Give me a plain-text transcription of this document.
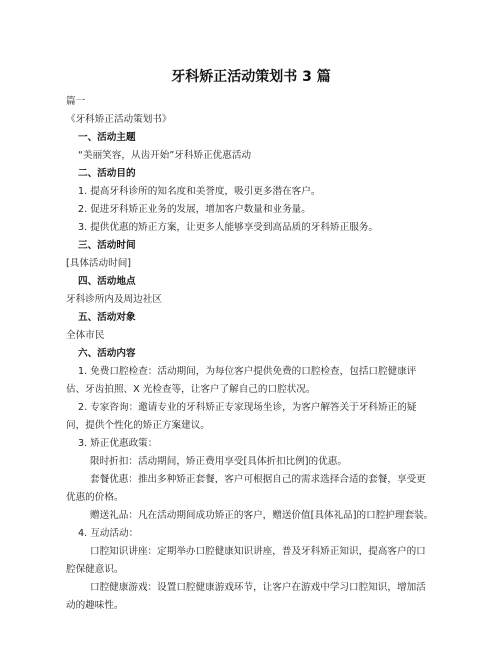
牙科矫正活动策划书 3 篇
篇一
《牙科矫正活动策划书》
一、活动主题
“美丽笑容，从齿开始”牙科矫正优惠活动
二、活动目的
1. 提高牙科诊所的知名度和美誉度，吸引更多潜在客户。
2. 促进牙科矫正业务的发展，增加客户数量和业务量。
3. 提供优惠的矫正方案，让更多人能够享受到高品质的牙科矫正服务。
三、活动时间
[具体活动时间]
四、活动地点
牙科诊所内及周边社区
五、活动对象
全体市民
六、活动内容
1. 免费口腔检查：活动期间，为每位客户提供免费的口腔检查，包括口腔健康评
估、牙齿拍照、X 光检查等，让客户了解自己的口腔状况。
2. 专家咨询：邀请专业的牙科矫正专家现场坐诊，为客户解答关于牙科矫正的疑
问，提供个性化的矫正方案建议。
3. 矫正优惠政策：
限时折扣：活动期间，矫正费用享受[具体折扣比例]的优惠。
套餐优惠：推出多种矫正套餐，客户可根据自己的需求选择合适的套餐，享受更
优惠的价格。
赠送礼品：凡在活动期间成功矫正的客户，赠送价值[具体礼品]的口腔护理套装。
4. 互动活动：
口腔知识讲座：定期举办口腔健康知识讲座，普及牙科矫正知识，提高客户的口
腔保健意识。
口腔健康游戏：设置口腔健康游戏环节，让客户在游戏中学习口腔知识，增加活
动的趣味性。
